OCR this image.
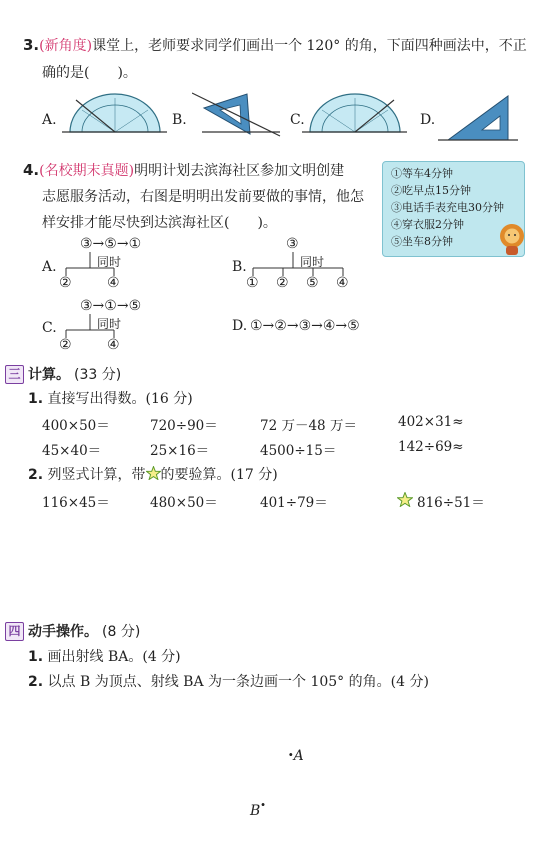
3.(新角度)课堂上，老师要求同学们画出一个 120° 的角，下面四种画法中，不正
确的是(　　)。
A.	B.	C.	D.
4.(名校期末真题)明明计划去滨海社区参加文明创建
志愿服务活动，右图是明明出发前要做的事情，他怎
样安排才能尽快到达滨海社区(　　)。
①等车4分钟
②吃早点15分钟
③电话手表充电30分钟
④穿衣服2分钟
⑤坐车8分钟
A.
③→⑤→①
同时
②	④
B.
③
同时
① ② ⑤ ④
C.
③→①→⑤
同时
②	④
D. ①→②→③→④→⑤
三 计算。 (33 分)
1. 直接写出得数。(16 分)
400×50＝	720÷90＝	72 万－48 万＝	402×31≈
45×40＝	25×16＝	4500÷15＝	142÷69≈
2. 列竖式计算，带 的要验算。(17 分)
116×45＝	480×50＝	401÷79＝	816÷51＝
四 动手操作。 (8 分)
1. 画出射线 BA。(4 分)
2. 以点 B 为顶点、射线 BA 为一条边画一个 105° 的角。(4 分)
·A
B·
